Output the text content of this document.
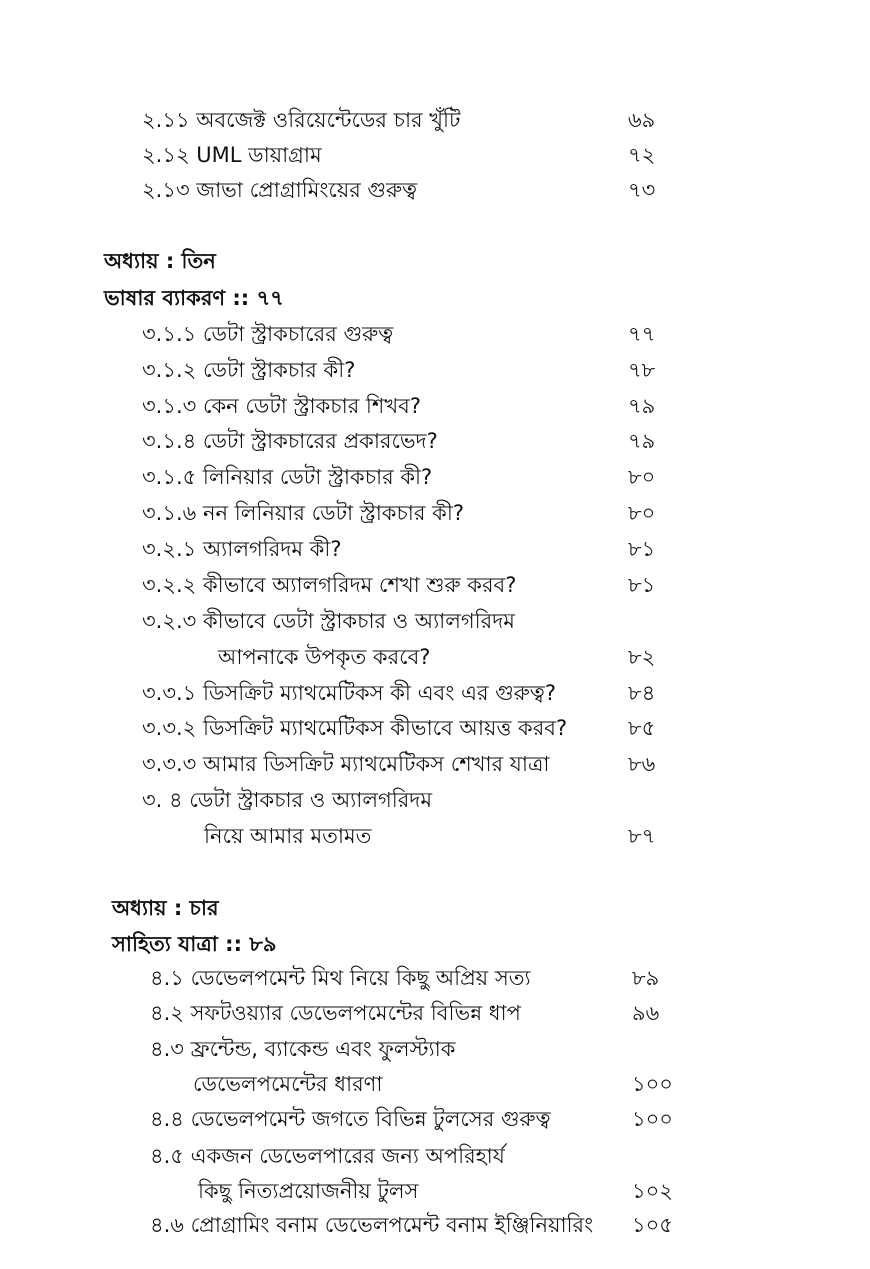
২.১১ অবজেক্ট ওরিয়েন্টেডের চার খুঁটি	৬৯
২.১২ UML ডায়াগ্রাম	৭২
২.১৩ জাভা প্রোগ্রামিংয়ের গুরুত্ব	৭৩
অধ্যায় : তিন
ভাষার ব্যাকরণ :: ৭৭
৩.১.১ ডেটা স্ট্রাকচারের গুরুত্ব	৭৭
৩.১.২ ডেটা স্ট্রাকচার কী?	৭৮
৩.১.৩ কেন ডেটা স্ট্রাকচার শিখব?	৭৯
৩.১.৪ ডেটা স্ট্রাকচারের প্রকারভেদ?	৭৯
৩.১.৫ লিনিয়ার ডেটা স্ট্রাকচার কী?	৮০
৩.১.৬ নন লিনিয়ার ডেটা স্ট্রাকচার কী?	৮০
৩.২.১ অ্যালগরিদম কী?	৮১
৩.২.২ কীভাবে অ্যালগরিদম শেখা শুরু করব?	৮১
৩.২.৩ কীভাবে ডেটা স্ট্রাকচার ও অ্যালগরিদম
আপনাকে উপকৃত করবে?	৮২
৩.৩.১ ডিসক্রিট ম্যাথমেটিকস কী এবং এর গুরুত্ব?	৮৪
৩.৩.২ ডিসক্রিট ম্যাথমেটিকস কীভাবে আয়ত্ত করব?	৮৫
৩.৩.৩ আমার ডিসক্রিট ম্যাথমেটিকস শেখার যাত্রা	৮৬
৩. ৪ ডেটা স্ট্রাকচার ও অ্যালগরিদম
নিয়ে আমার মতামত	৮৭
অধ্যায় : চার
সাহিত্য যাত্রা :: ৮৯
৪.১ ডেভেলপমেন্ট মিথ নিয়ে কিছু অপ্রিয় সত্য	৮৯
৪.২ সফটওয়্যার ডেভেলপমেন্টের বিভিন্ন ধাপ	৯৬
৪.৩ ফ্রন্টেন্ড, ব্যাকেন্ড এবং ফুলস্ট্যাক
ডেভেলপমেন্টের ধারণা	১০০
৪.৪ ডেভেলপমেন্ট জগতে বিভিন্ন টুলসের গুরুত্ব	১০০
৪.৫ একজন ডেভেলপারের জন্য অপরিহার্য
কিছু নিত্যপ্রয়োজনীয় টুলস	১০২
৪.৬ প্রোগ্রামিং বনাম ডেভেলপমেন্ট বনাম ইঞ্জিনিয়ারিং ১০৫
